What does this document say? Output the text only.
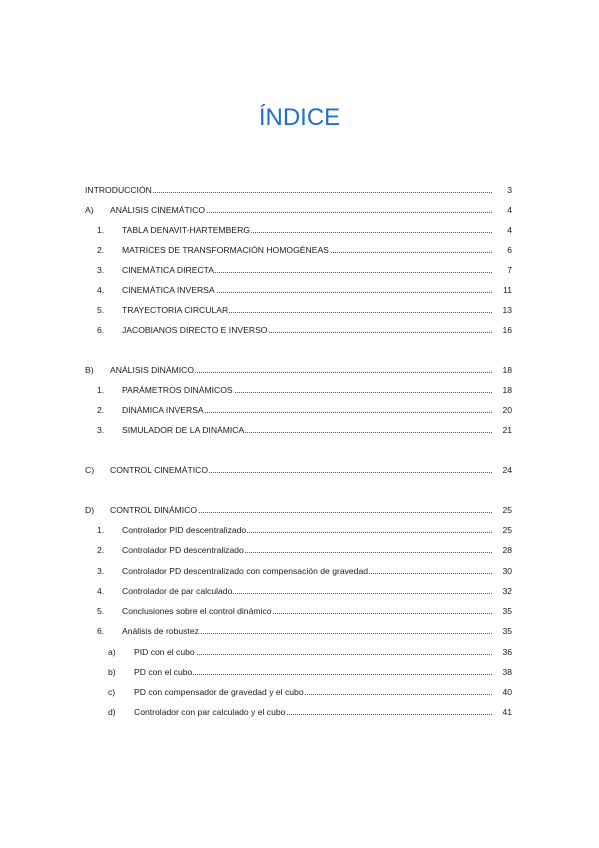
ÍNDICE
INTRODUCCIÓN	3
A) ANÁLISIS CINEMÁTICO	4
1. TABLA DENAVIT-HARTEMBERG	4
2. MATRICES DE TRANSFORMACIÓN HOMOGÉNEAS	6
3. CINEMÁTICA DIRECTA	7
4. CINEMÁTICA INVERSA	11
5. TRAYECTORIA CIRCULAR	13
6. JACOBIANOS DIRECTO E INVERSO	16
B) ANÁLISIS DINÁMICO	18
1. PARÁMETROS DINÁMICOS	18
2. DINÁMICA INVERSA	20
3. SIMULADOR DE LA DINÁMICA	21
C) CONTROL CINEMÁTICO	24
D) CONTROL DINÁMICO	25
1. Controlador PID descentralizado	25
2. Controlador PD descentralizado	28
3. Controlador PD descentralizado con compensación de gravedad	30
4. Controlador de par calculado	32
5. Conclusiones sobre el control dinámico	35
6. Análisis de robustez	35
a) PID con el cubo	36
b) PD con el cubo	38
c) PD con compensador de gravedad y el cubo	40
d) Controlador con par calculado y el cubo	41
